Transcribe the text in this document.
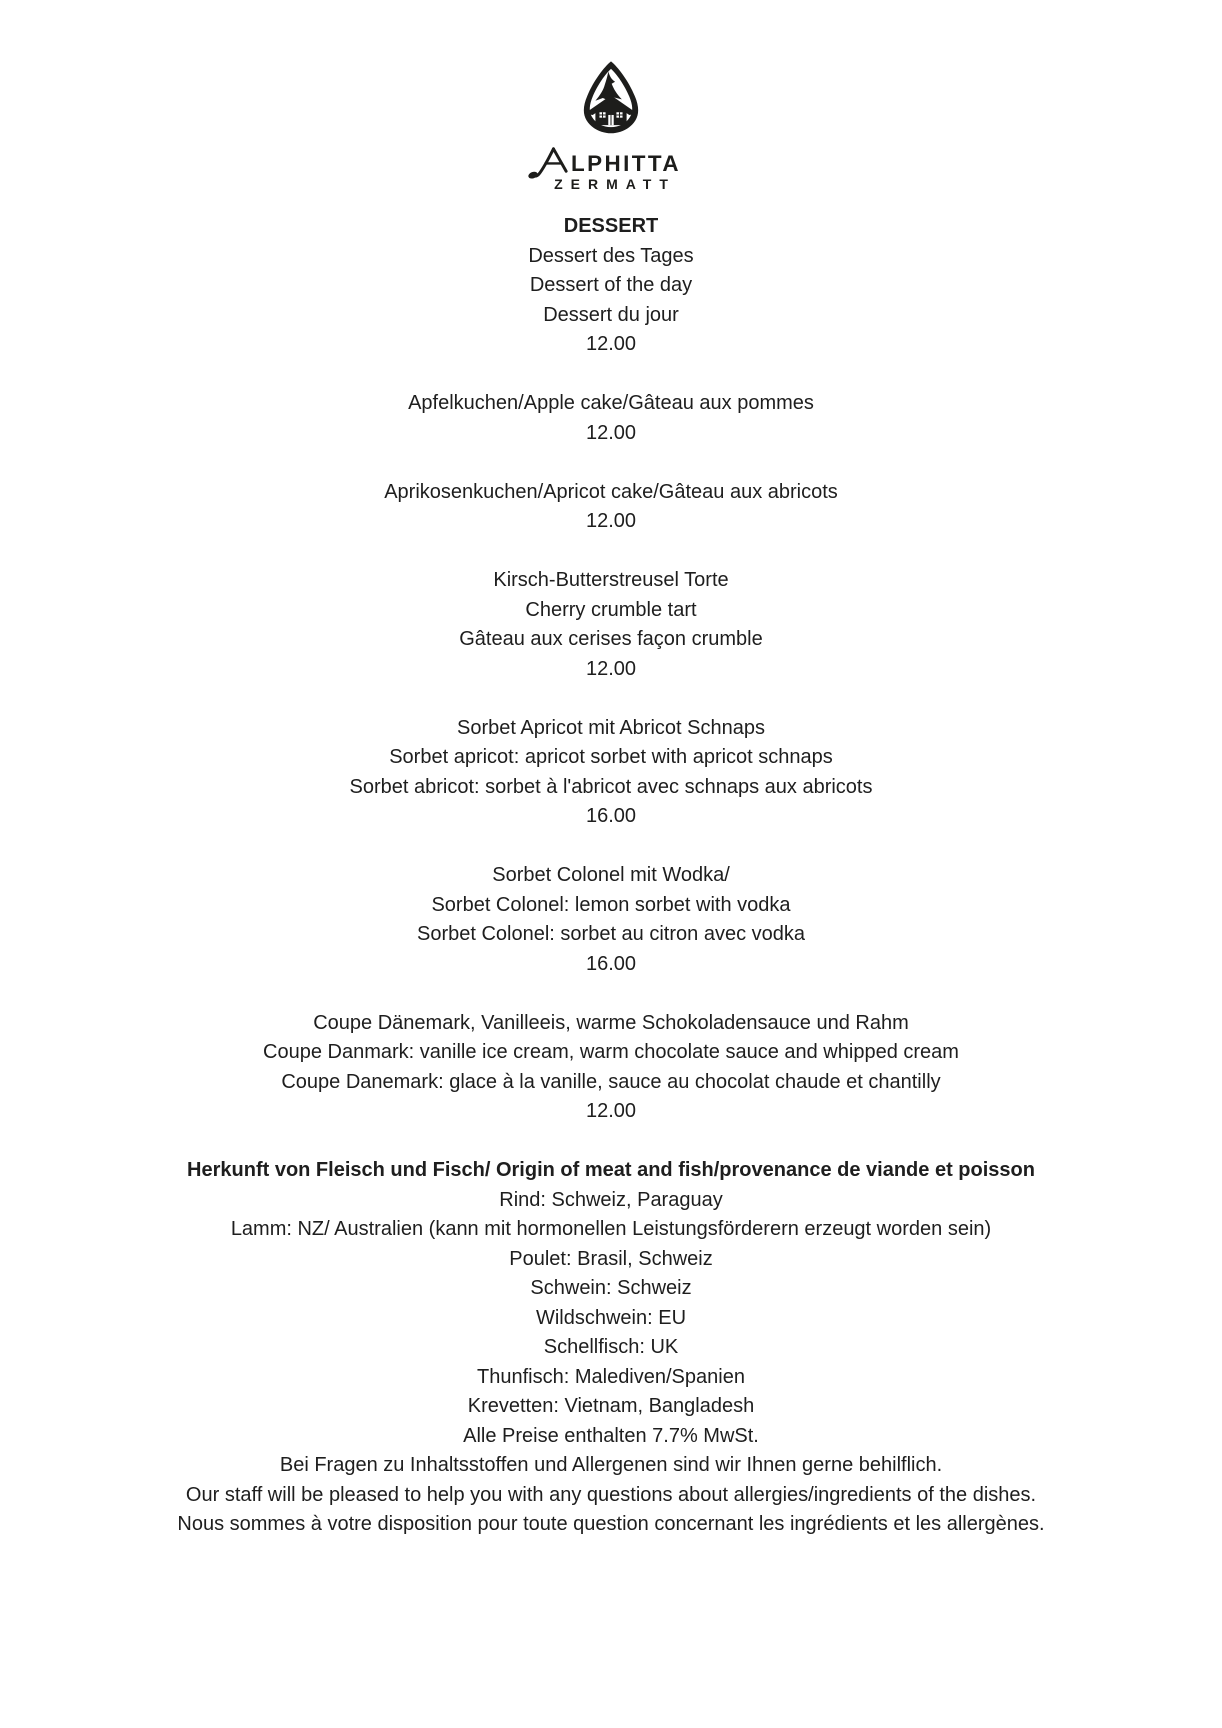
LPHITTA
ZERMATT

DESSERT

Dessert des Tages

Dessert of the day

Dessert du jour

12.00

Apfelkuchen/Apple cake/Gâteau aux pommes

12.00

Aprikosenkuchen/Apricot cake/Gâteau aux abricots

12.00

Kirsch-Butterstreusel Torte

Cherry crumble tart

Gâteau aux cerises façon crumble

12.00

Sorbet Apricot mit Abricot Schnaps

Sorbet apricot: apricot sorbet with apricot schnaps

Sorbet abricot: sorbet à l'abricot avec schnaps aux abricots

16.00

Sorbet Colonel mit Wodka/

Sorbet Colonel: lemon sorbet with vodka

Sorbet Colonel: sorbet au citron avec vodka

16.00

Coupe Dänemark, Vanilleeis, warme Schokoladensauce und Rahm

Coupe Danmark: vanille ice cream, warm chocolate sauce and whipped cream

Coupe Danemark: glace à la vanille, sauce au chocolat chaude et chantilly

12.00

Herkunft von Fleisch und Fisch/ Origin of meat and fish/provenance de viande et poisson

Rind: Schweiz, Paraguay

Lamm: NZ/ Australien (kann mit hormonellen Leistungsförderern erzeugt worden sein)

Poulet: Brasil, Schweiz

Schwein: Schweiz

Wildschwein: EU

Schellfisch: UK

Thunfisch: Malediven/Spanien

Krevetten: Vietnam, Bangladesh

Alle Preise enthalten 7.7% MwSt.

Bei Fragen zu Inhaltsstoffen und Allergenen sind wir Ihnen gerne behilflich.

Our staff will be pleased to help you with any questions about allergies/ingredients of the dishes.

Nous sommes à votre disposition pour toute question concernant les ingrédients et les allergènes.
